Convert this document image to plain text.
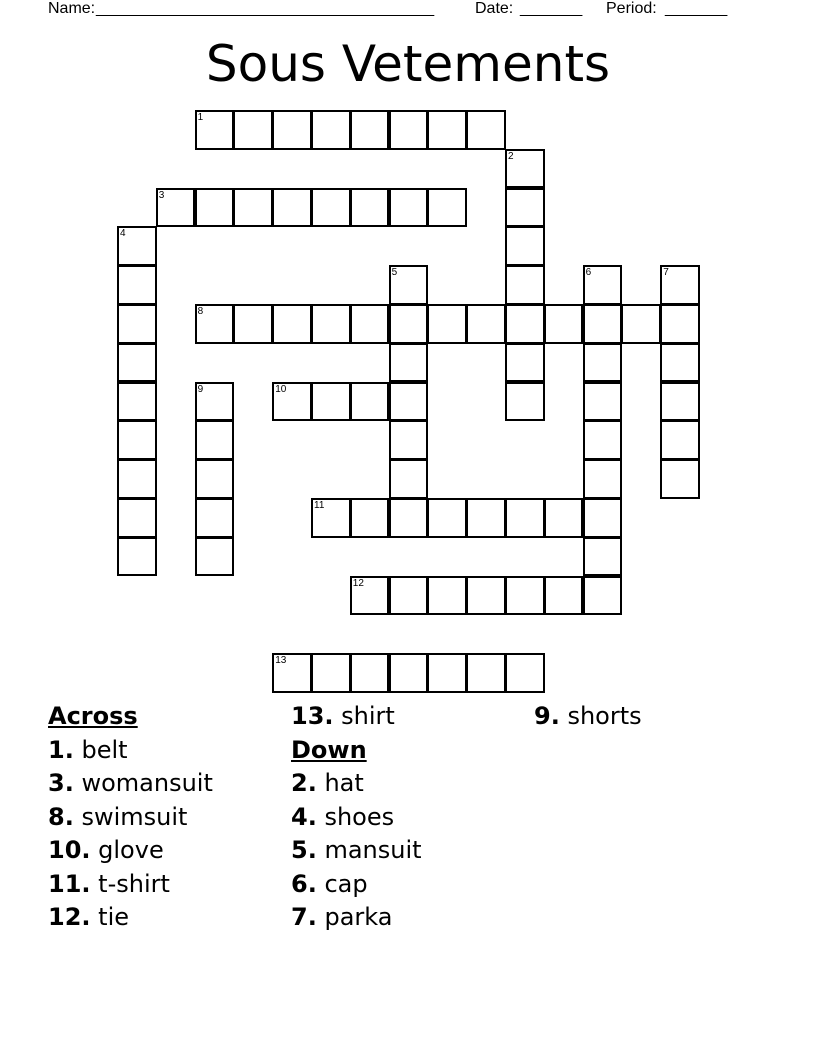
Name: ______________________________________	Date: _______ Period: _______
Sous Vetements
1
2
3
4
5	6	7
8
9	10
11
12
13
Across
1. belt
3. womansuit
8. swimsuit
10. glove
11. t-shirt
12. tie
13. shirt
Down
2. hat
4. shoes
5. mansuit
6. cap
7. parka
9. shorts
